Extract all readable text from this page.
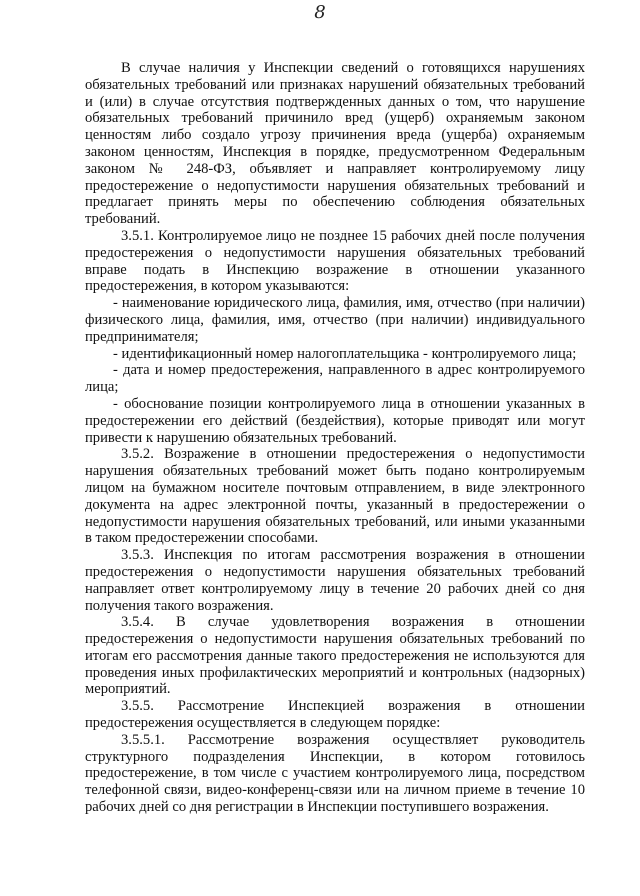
8

В случае наличия у Инспекции сведений о готовящихся нарушениях обязательных требований или признаках нарушений обязательных требований и (или) в случае отсутствия подтвержденных данных о том, что нарушение обязательных требований причинило вред (ущерб) охраняемым законом ценностям либо создало угрозу причинения вреда (ущерба) охраняемым законом ценностям, Инспекция в порядке, предусмотренном Федеральным законом № 248-ФЗ, объявляет и направляет контролируемому лицу предостережение о недопустимости нарушения обязательных требований и предлагает принять меры по обеспечению соблюдения обязательных требований.

3.5.1. Контролируемое лицо не позднее 15 рабочих дней после получения предостережения о недопустимости нарушения обязательных требований вправе подать в Инспекцию возражение в отношении указанного предостережения, в котором указываются:

- наименование юридического лица, фамилия, имя, отчество (при наличии) физического лица, фамилия, имя, отчество (при наличии) индивидуального предпринимателя;

- идентификационный номер налогоплательщика - контролируемого лица;

- дата и номер предостережения, направленного в адрес контролируемого лица;

- обоснование позиции контролируемого лица в отношении указанных в предостережении его действий (бездействия), которые приводят или могут привести к нарушению обязательных требований.

3.5.2. Возражение в отношении предостережения о недопустимости нарушения обязательных требований может быть подано контролируемым лицом на бумажном носителе почтовым отправлением, в виде электронного документа на адрес электронной почты, указанный в предостережении о недопустимости нарушения обязательных требований, или иными указанными в таком предостережении способами.

3.5.3. Инспекция по итогам рассмотрения возражения в отношении предостережения о недопустимости нарушения обязательных требований направляет ответ контролируемому лицу в течение 20 рабочих дней со дня получения такого возражения.

3.5.4. В случае удовлетворения возражения в отношении предостережения о недопустимости нарушения обязательных требований по итогам его рассмотрения данные такого предостережения не используются для проведения иных профилактических мероприятий и контрольных (надзорных) мероприятий.

3.5.5. Рассмотрение Инспекцией возражения в отношении предостережения осуществляется в следующем порядке:

3.5.5.1. Рассмотрение возражения осуществляет руководитель структурного подразделения Инспекции, в котором готовилось предостережение, в том числе с участием контролируемого лица, посредством телефонной связи, видео-конференц-связи или на личном приеме в течение 10 рабочих дней со дня регистрации в Инспекции поступившего возражения.
